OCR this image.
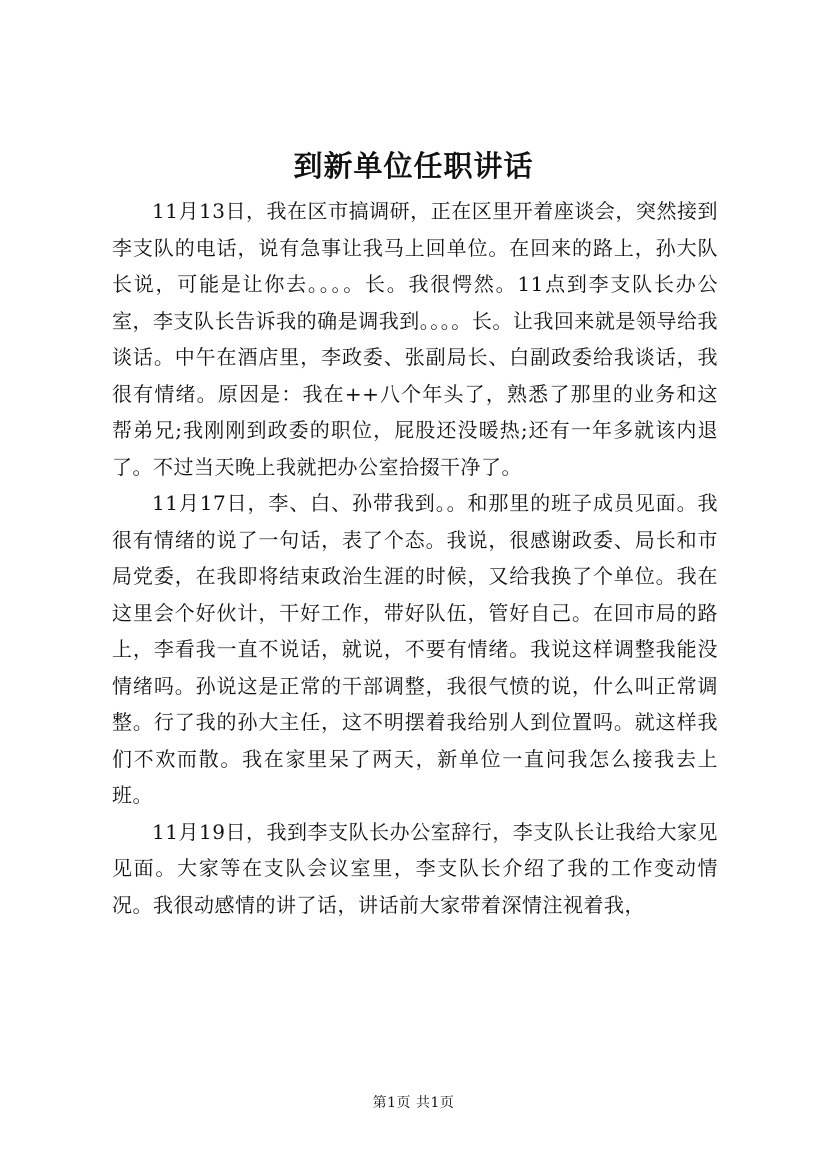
到新单位任职讲话

11月13日，我在区市搞调研，正在区里开着座谈会，突然接到李支队的电话，说有急事让我马上回单位。在回来的路上，孙大队长说，可能是让你去。。。。长。我很愕然。11点到李支队长办公室，李支队长告诉我的确是调我到。。。。长。让我回来就是领导给我谈话。中午在酒店里，李政委、张副局长、白副政委给我谈话，我很有情绪。原因是：我在++八个年头了，熟悉了那里的业务和这帮弟兄;我刚刚到政委的职位，屁股还没暖热;还有一年多就该内退了。不过当天晚上我就把办公室拾掇干净了。

11月17日，李、白、孙带我到。。和那里的班子成员见面。我很有情绪的说了一句话，表了个态。我说，很感谢政委、局长和市局党委，在我即将结束政治生涯的时候，又给我换了个单位。我在这里会个好伙计，干好工作，带好队伍，管好自己。在回市局的路上，李看我一直不说话，就说，不要有情绪。我说这样调整我能没情绪吗。孙说这是正常的干部调整，我很气愤的说，什么叫正常调整。行了我的孙大主任，这不明摆着我给别人到位置吗。就这样我们不欢而散。我在家里呆了两天，新单位一直问我怎么接我去上班。

11月19日，我到李支队长办公室辞行，李支队长让我给大家见见面。大家等在支队会议室里，李支队长介绍了我的工作变动情况。我很动感情的讲了话，讲话前大家带着深情注视着我，

第1页 共1页
